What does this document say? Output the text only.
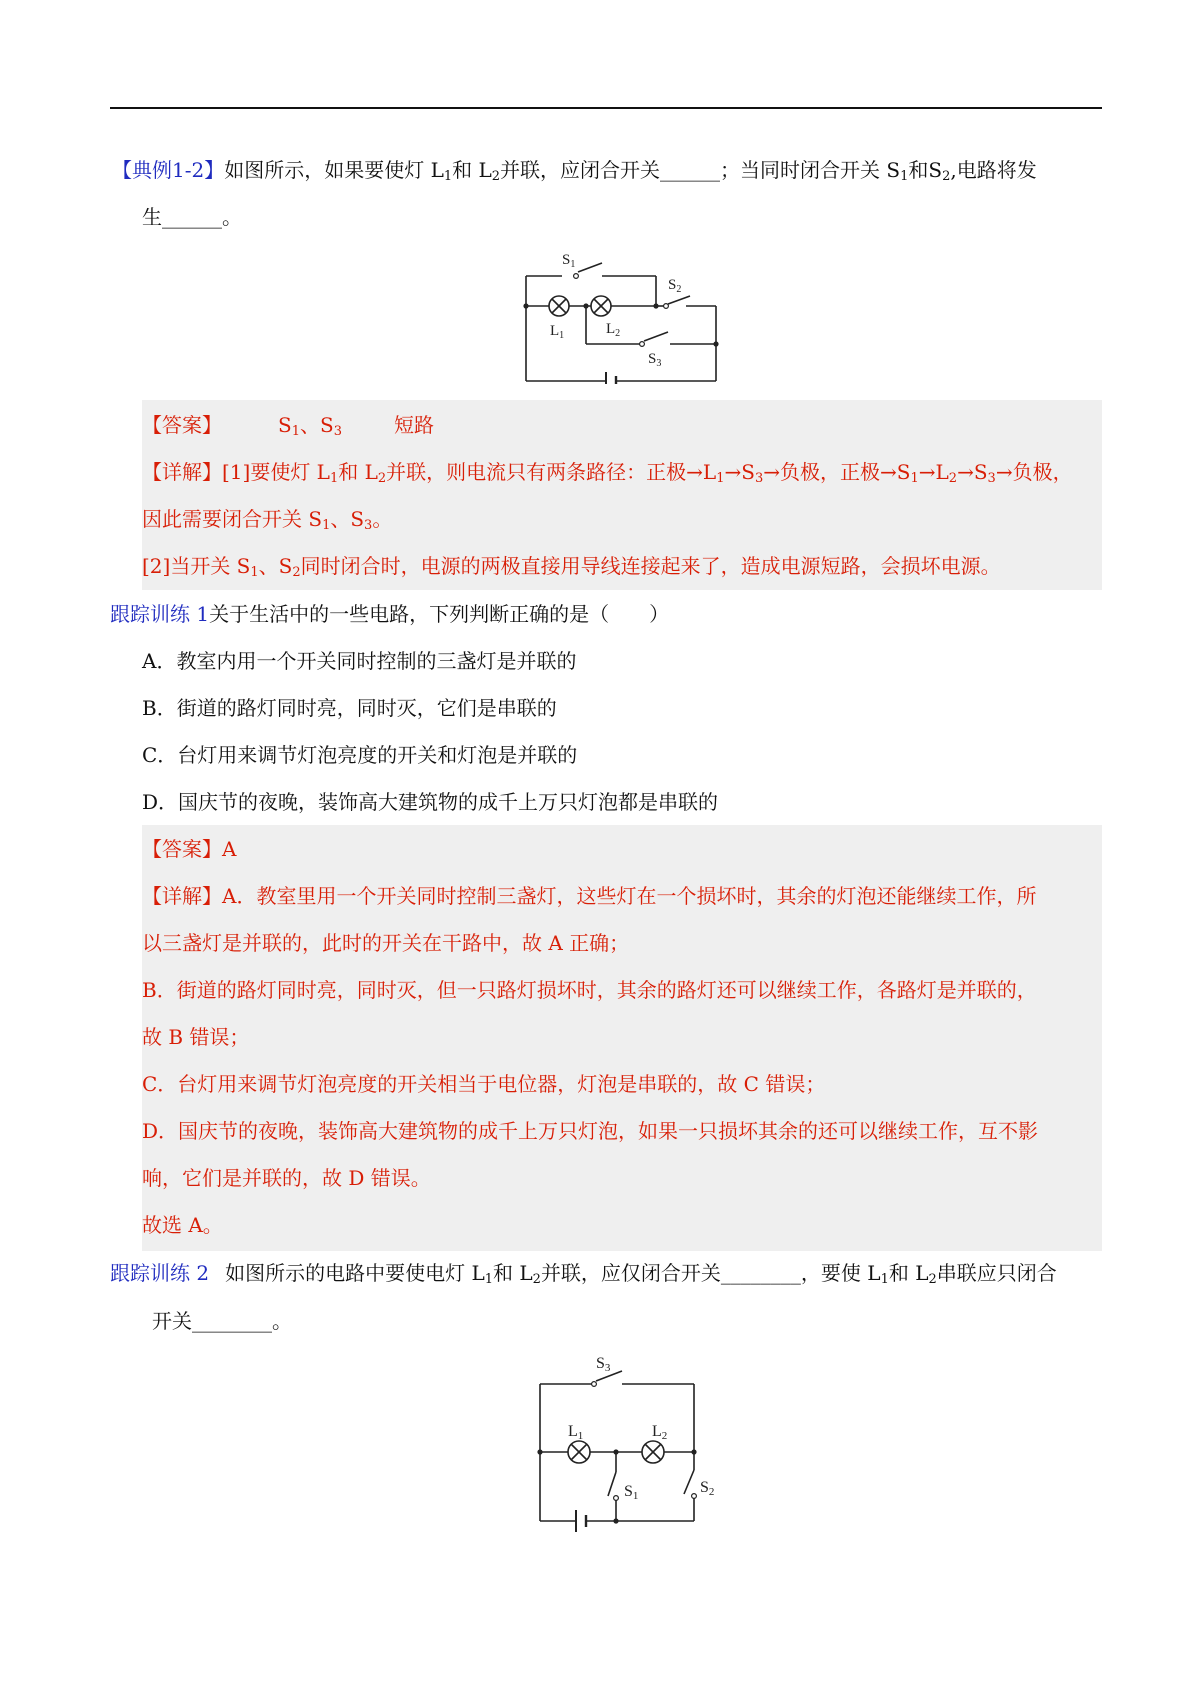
【典例1-2】如图所示，如果要使灯 $L_1$和 $L_2$并联，应闭合开关______；当同时闭合开关 $S_1$和$S_2$,电路将发
生______。
$S_1$
$S_2$
$L_1$	$L_2$
$S_3$
【答案】	$S_1$、$S_3$	短路
【详解】[1]要使灯 $L_1$和 $L_2$并联，则电流只有两条路径：正极$\to L_1\to S_3\to$负极，正极$\to S_1\to L_2\to S_3\to$负极，
因此需要闭合开关 $S_1$、$S_3$。
[2]当开关 $S_1$、$S_2$同时闭合时，电源的两极直接用导线连接起来了，造成电源短路，会损坏电源。
跟踪训练 1关于生活中的一些电路，下列判断正确的是（　　）
A．教室内用一个开关同时控制的三盏灯是并联的
B．街道的路灯同时亮，同时灭，它们是串联的
C．台灯用来调节灯泡亮度的开关和灯泡是并联的
D．国庆节的夜晚，装饰高大建筑物的成千上万只灯泡都是串联的
【答案】A
【详解】A．教室里用一个开关同时控制三盏灯，这些灯在一个损坏时，其余的灯泡还能继续工作，所
以三盏灯是并联的，此时的开关在干路中，故 A 正确；
B．街道的路灯同时亮，同时灭，但一只路灯损坏时，其余的路灯还可以继续工作，各路灯是并联的，
故 B 错误；
C．台灯用来调节灯泡亮度的开关相当于电位器，灯泡是串联的，故 C 错误；
D．国庆节的夜晚，装饰高大建筑物的成千上万只灯泡，如果一只损坏其余的还可以继续工作，互不影
响，它们是并联的，故 D 错误。
故选 A。
跟踪训练 2 如图所示的电路中要使电灯 $L_1$和 $L_2$并联，应仅闭合开关________，要使 $L_1$和 $L_2$串联应只闭合
开关________。
S3
L1	L2
S1	S2
